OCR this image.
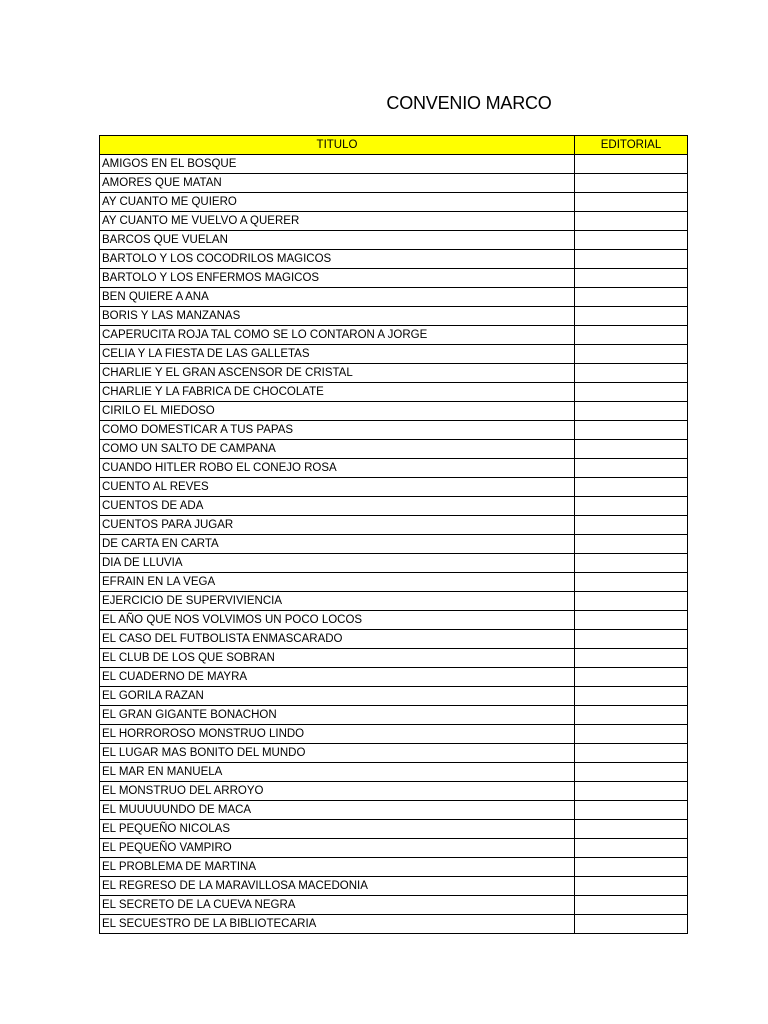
CONVENIO MARCO
TITULO	EDITORIAL
AMIGOS EN EL BOSQUE	
AMORES QUE MATAN	
AY CUANTO ME QUIERO	
AY CUANTO ME VUELVO A QUERER	
BARCOS QUE VUELAN	
BARTOLO Y LOS COCODRILOS MAGICOS	
BARTOLO Y LOS ENFERMOS MAGICOS	
BEN QUIERE A ANA	
BORIS Y LAS MANZANAS	
CAPERUCITA ROJA TAL COMO SE LO CONTARON A JORGE	
CELIA Y LA FIESTA DE LAS GALLETAS	
CHARLIE Y EL GRAN ASCENSOR DE CRISTAL	
CHARLIE Y LA FABRICA DE CHOCOLATE	
CIRILO EL MIEDOSO	
COMO DOMESTICAR A TUS PAPAS	
COMO UN SALTO DE CAMPANA	
CUANDO HITLER ROBO EL CONEJO ROSA	
CUENTO AL REVES	
CUENTOS DE ADA	
CUENTOS PARA JUGAR	
DE CARTA EN CARTA	
DIA DE LLUVIA	
EFRAIN EN LA VEGA	
EJERCICIO DE SUPERVIVIENCIA	
EL AÑO QUE NOS VOLVIMOS UN POCO LOCOS	
EL CASO DEL FUTBOLISTA ENMASCARADO	
EL CLUB DE LOS QUE SOBRAN	
EL CUADERNO DE MAYRA	
EL GORILA RAZAN	
EL GRAN GIGANTE BONACHON	
EL HORROROSO MONSTRUO LINDO	
EL LUGAR MAS BONITO DEL MUNDO	
EL MAR EN MANUELA	
EL MONSTRUO DEL ARROYO	
EL MUUUUUNDO DE MACA	
EL PEQUEÑO NICOLAS	
EL PEQUEÑO VAMPIRO	
EL PROBLEMA DE MARTINA	
EL REGRESO DE LA MARAVILLOSA MACEDONIA	
EL SECRETO DE LA CUEVA NEGRA	
EL SECUESTRO DE LA BIBLIOTECARIA	
